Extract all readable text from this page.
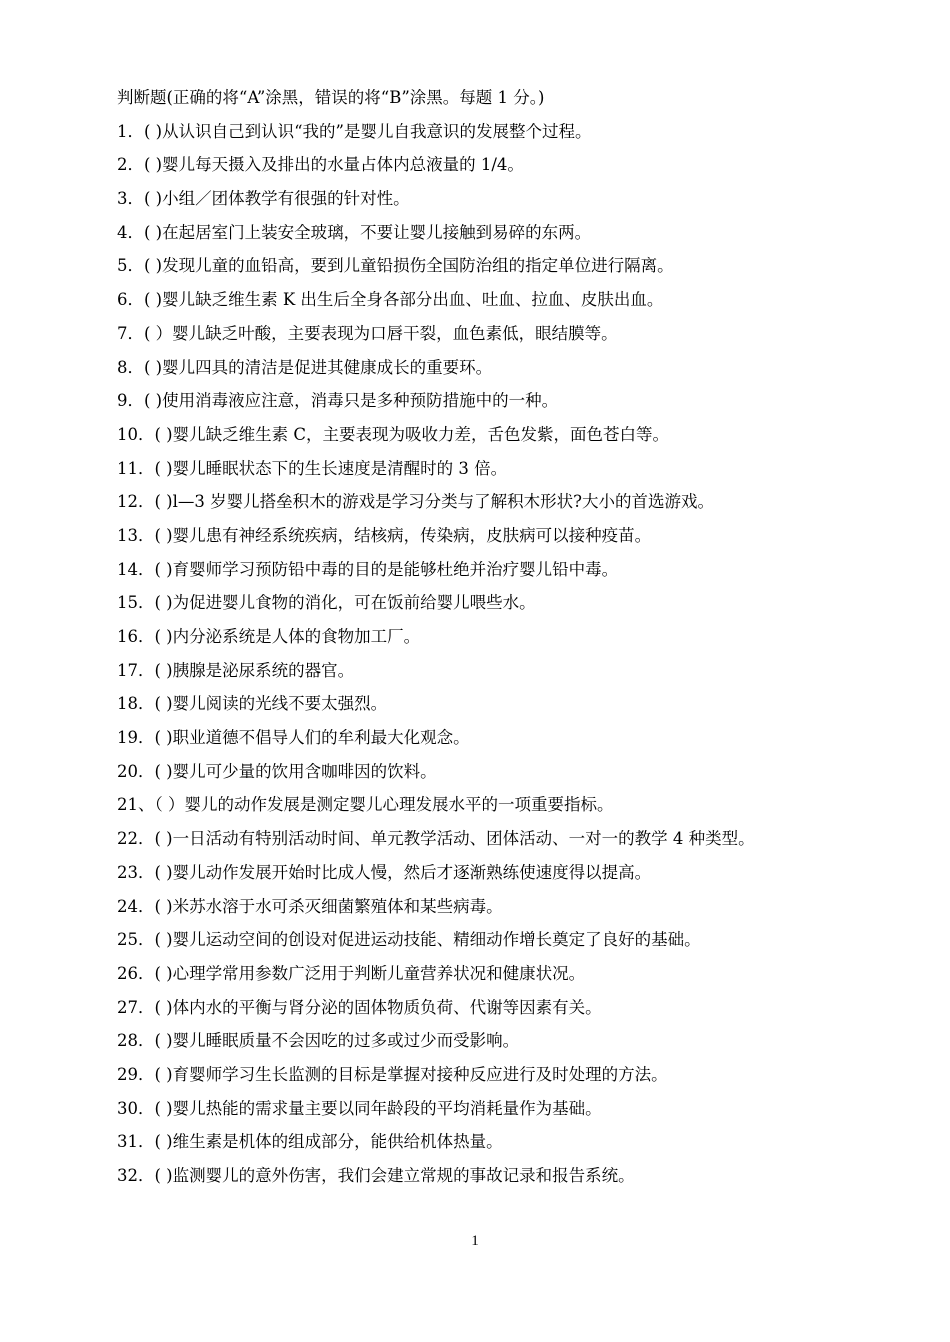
判断题(正确的将“A”涂黑，错误的将“B”涂黑。每题 1 分。)
1．( )从认识自己到认识“我的”是婴儿自我意识的发展整个过程。
2．( )婴儿每天摄入及排出的水量占体内总液量的 1/4。
3．( )小组／团体教学有很强的针对性。
4．( )在起居室门上装安全玻璃，不要让婴儿接触到易碎的东两。
5．( )发现儿童的血铅高，要到儿童铅损伤全国防治组的指定单位进行隔离。
6．( )婴儿缺乏维生素 K 出生后全身各部分出血、吐血、拉血、皮肤出血。
7．( ）婴儿缺乏叶酸，主要表现为口唇干裂，血色素低，眼结膜等。
8．( )婴儿四具的清洁是促进其健康成长的重要环。
9．( )使用消毒液应注意，消毒只是多种预防措施中的一种。
10．( )婴儿缺乏维生素 C，主要表现为吸收力差，舌色发紫，面色苍白等。
11．( )婴儿睡眠状态下的生长速度是清醒时的 3 倍。
12．( )l—3 岁婴儿搭垒积木的游戏是学习分类与了解积木形状?大小的首选游戏。
13．( )婴儿患有神经系统疾病，结核病，传染病，皮肤病可以接种疫苗。
14．( )育婴师学习预防铅中毒的目的是能够杜绝并治疗婴儿铅中毒。
15．( )为促进婴儿食物的消化，可在饭前给婴儿喂些水。
16．( )内分泌系统是人体的食物加工厂。
17．( )胰腺是泌尿系统的器官。
18．( )婴儿阅读的光线不要太强烈。
19．( )职业道德不倡导人们的牟利最大化观念。
20．( )婴儿可少量的饮用含咖啡因的饮料。
21、（ ）婴儿的动作发展是测定婴儿心理发展水平的一项重要指标。
22．( )一日活动有特别活动时间、单元教学活动、团体活动、一对一的教学 4 种类型。
23．( )婴儿动作发展开始时比成人慢，然后才逐渐熟练使速度得以提高。
24．( )米苏水溶于水可杀灭细菌繁殖体和某些病毒。
25．( )婴儿运动空间的创设对促进运动技能、精细动作增长奠定了良好的基础。
26．( )心理学常用参数广泛用于判断儿童营养状况和健康状况。
27．( )体内水的平衡与肾分泌的固体物质负荷、代谢等因素有关。
28．( )婴儿睡眠质量不会因吃的过多或过少而受影响。
29．( )育婴师学习生长监测的目标是掌握对接种反应进行及时处理的方法。
30．( )婴儿热能的需求量主要以同年龄段的平均消耗量作为基础。
31．( )维生素是机体的组成部分，能供给机体热量。
32．( )监测婴儿的意外伤害，我们会建立常规的事故记录和报告系统。
1
